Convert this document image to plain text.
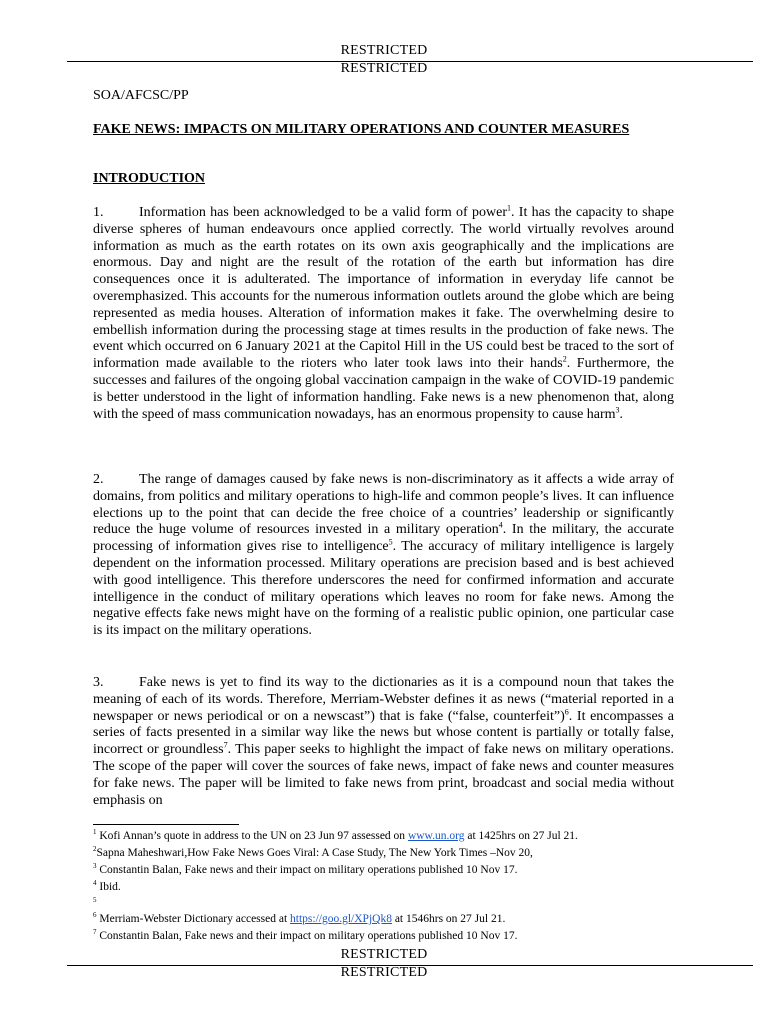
RESTRICTED
RESTRICTED
SOA/AFCSC/PP
FAKE NEWS: IMPACTS ON MILITARY OPERATIONS AND COUNTER MEASURES
INTRODUCTION
1.	Information has been acknowledged to be a valid form of power$^1$. It has the capacity to shape diverse spheres of human endeavours once applied correctly. The world virtually revolves around information as much as the earth rotates on its own axis geographically and the implications are enormous. Day and night are the result of the rotation of the earth but information has dire consequences once it is adulterated. The importance of information in everyday life cannot be overemphasized. This accounts for the numerous information outlets around the globe which are being represented as media houses. Alteration of information makes it fake. The overwhelming desire to embellish information during the processing stage at times results in the production of fake news. The event which occurred on 6 January 2021 at the Capitol Hill in the US could best be traced to the sort of information made available to the rioters who later took laws into their hands$^2$. Furthermore, the successes and failures of the ongoing global vaccination campaign in the wake of COVID-19 pandemic is better understood in the light of information handling. Fake news is a new phenomenon that, along with the speed of mass communication nowadays, has an enormous propensity to cause harm$^3$.
2.	The range of damages caused by fake news is non-discriminatory as it affects a wide array of domains, from politics and military operations to high-life and common people’s lives. It can influence elections up to the point that can decide the free choice of a countries’ leadership or significantly reduce the huge volume of resources invested in a military operation$^4$. In the military, the accurate processing of information gives rise to intelligence$^5$. The accuracy of military intelligence is largely dependent on the information processed. Military operations are precision based and is best achieved with good intelligence. This therefore underscores the need for confirmed information and accurate intelligence in the conduct of military operations which leaves no room for fake news. Among the negative effects fake news might have on the forming of a realistic public opinion, one particular case is its impact on the military operations.
3.	Fake news is yet to find its way to the dictionaries as it is a compound noun that takes the meaning of each of its words. Therefore, Merriam-Webster defines it as news (“material reported in a newspaper or news periodical or on a newscast”) that is fake (“false, counterfeit”)$^6$. It encompasses a series of facts presented in a similar way like the news but whose content is partially or totally false, incorrect or groundless$^7$. This paper seeks to highlight the impact of fake news on military operations. The scope of the paper will cover the sources of fake news, impact of fake news and counter measures for fake news. The paper will be limited to fake news from print, broadcast and social media without emphasis on
$^1$ Kofi Annan’s quote in address to the UN on 23 Jun 97 assessed on www.un.org at 1425hrs on 27 Jul 21.
$^2$Sapna Maheshwari,How Fake News Goes Viral: A Case Study, The New York Times –Nov 20,
$^3$ Constantin Balan, Fake news and their impact on military operations published 10 Nov 17.
$^4$ Ibid.
$^5$
$^6$ Merriam-Webster Dictionary accessed at https://goo.gl/XPjQk8 at 1546hrs on 27 Jul 21.
$^7$ Constantin Balan, Fake news and their impact on military operations published 10 Nov 17.
RESTRICTED
RESTRICTED
